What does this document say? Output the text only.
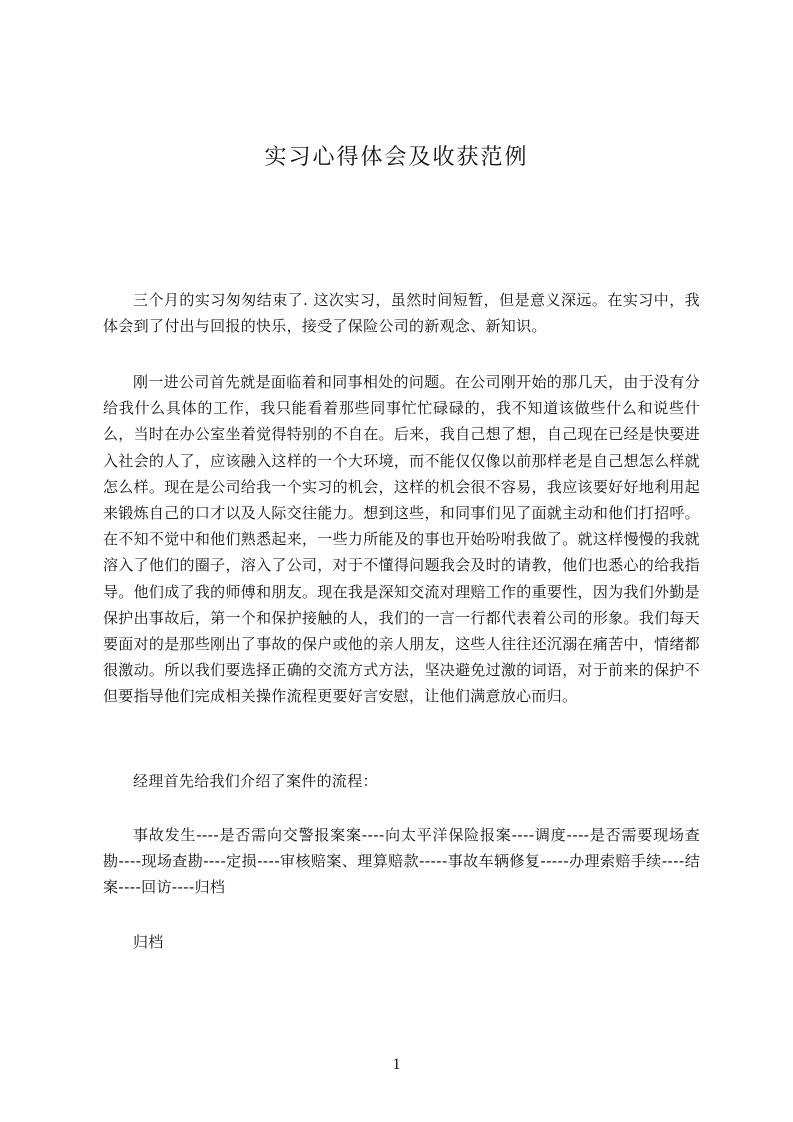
实习心得体会及收获范例

三个月的实习匆匆结束了. 这次实习，虽然时间短暂，但是意义深远。在实习中，我体会到了付出与回报的快乐，接受了保险公司的新观念、新知识。

刚一进公司首先就是面临着和同事相处的问题。在公司刚开始的那几天，由于没有分给我什么具体的工作，我只能看着那些同事忙忙碌碌的，我不知道该做些什么和说些什么，当时在办公室坐着觉得特别的不自在。后来，我自己想了想，自己现在已经是快要进入社会的人了，应该融入这样的一个大环境，而不能仅仅像以前那样老是自己想怎么样就怎么样。现在是公司给我一个实习的机会，这样的机会很不容易，我应该要好好地利用起来锻炼自己的口才以及人际交往能力。想到这些，和同事们见了面就主动和他们打招呼。在不知不觉中和他们熟悉起来，一些力所能及的事也开始吩咐我做了。就这样慢慢的我就溶入了他们的圈子，溶入了公司，对于不懂得问题我会及时的请教，他们也悉心的给我指导。他们成了我的师傅和朋友。现在我是深知交流对理赔工作的重要性，因为我们外勤是保护出事故后，第一个和保护接触的人，我们的一言一行都代表着公司的形象。我们每天要面对的是那些刚出了事故的保户或他的亲人朋友，这些人往往还沉溺在痛苦中，情绪都很激动。所以我们要选择正确的交流方式方法，坚决避免过激的词语，对于前来的保护不但要指导他们完成相关操作流程更要好言安慰，让他们满意放心而归。

经理首先给我们介绍了案件的流程：

事故发生----是否需向交警报案案----向太平洋保险报案----调度----是否需要现场查勘----现场查勘----定损----审核赔案、理算赔款-----事故车辆修复-----办理索赔手续----结案----回访----归档

归档

1
